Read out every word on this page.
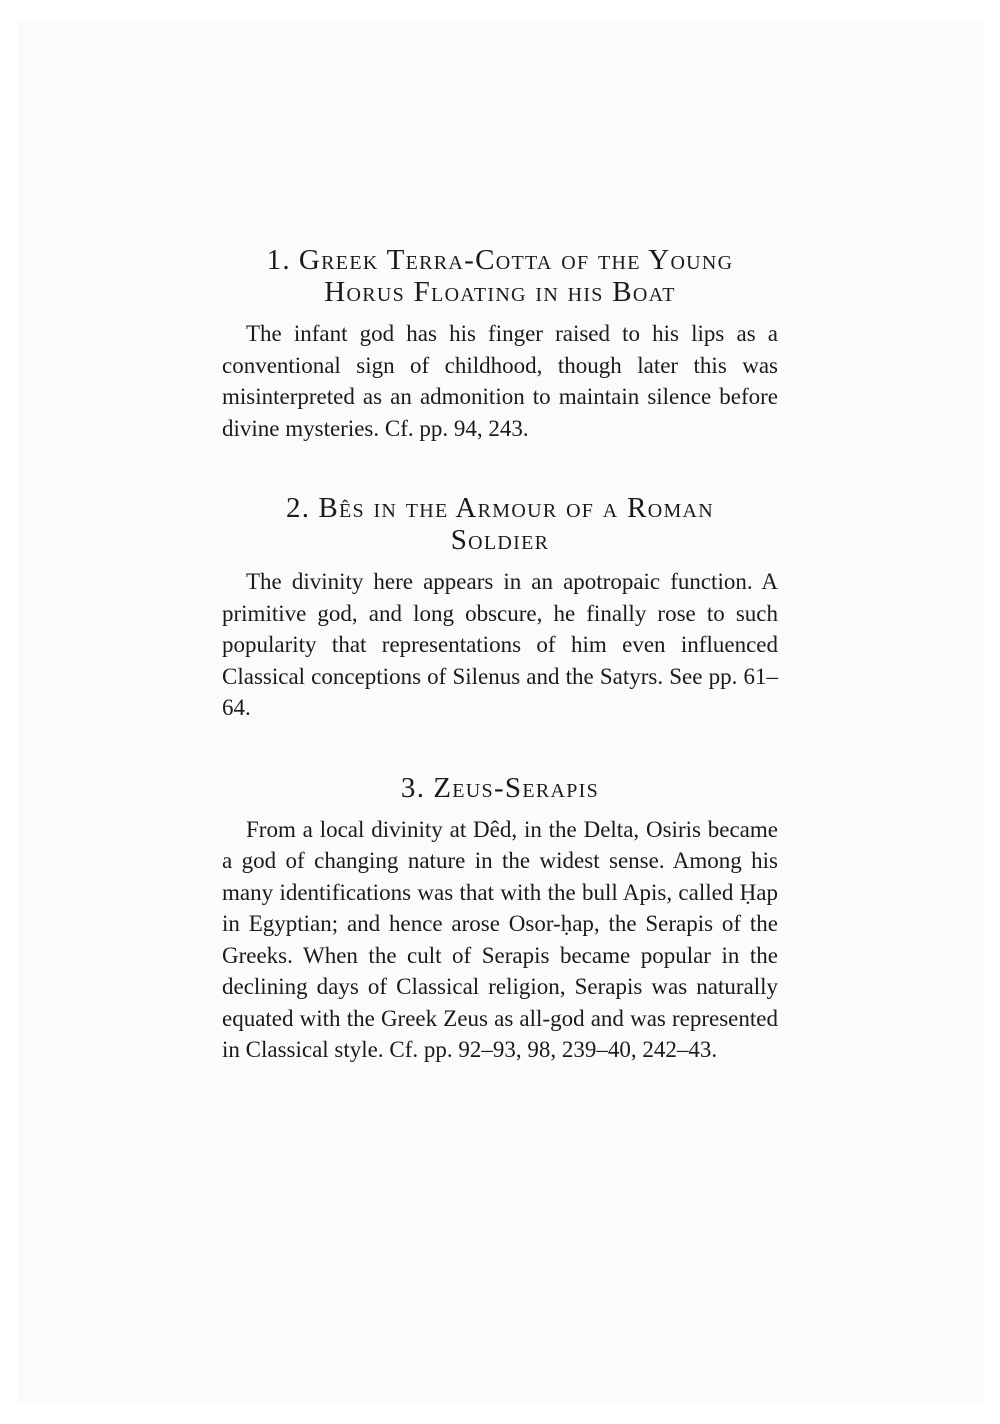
1. Greek Terra-Cotta of the Young
Horus Floating in his Boat

The infant god has his finger raised to his lips as a conventional sign of childhood, though later this was misinterpreted as an admonition to maintain silence before divine mysteries. Cf. pp. 94, 243.

2. Bês in the Armour of a Roman
Soldier

The divinity here appears in an apotropaic function. A primitive god, and long obscure, he finally rose to such popularity that representations of him even influenced Classical conceptions of Silenus and the Satyrs. See pp. 61–64.

3. Zeus-Serapis

From a local divinity at Dêd, in the Delta, Osiris became a god of changing nature in the widest sense. Among his many identifications was that with the bull Apis, called Ḥap in Egyptian; and hence arose Osor-ḥap, the Serapis of the Greeks. When the cult of Serapis became popular in the declining days of Classical religion, Serapis was naturally equated with the Greek Zeus as all-god and was represented in Classical style. Cf. pp. 92–93, 98, 239–40, 242–43.
